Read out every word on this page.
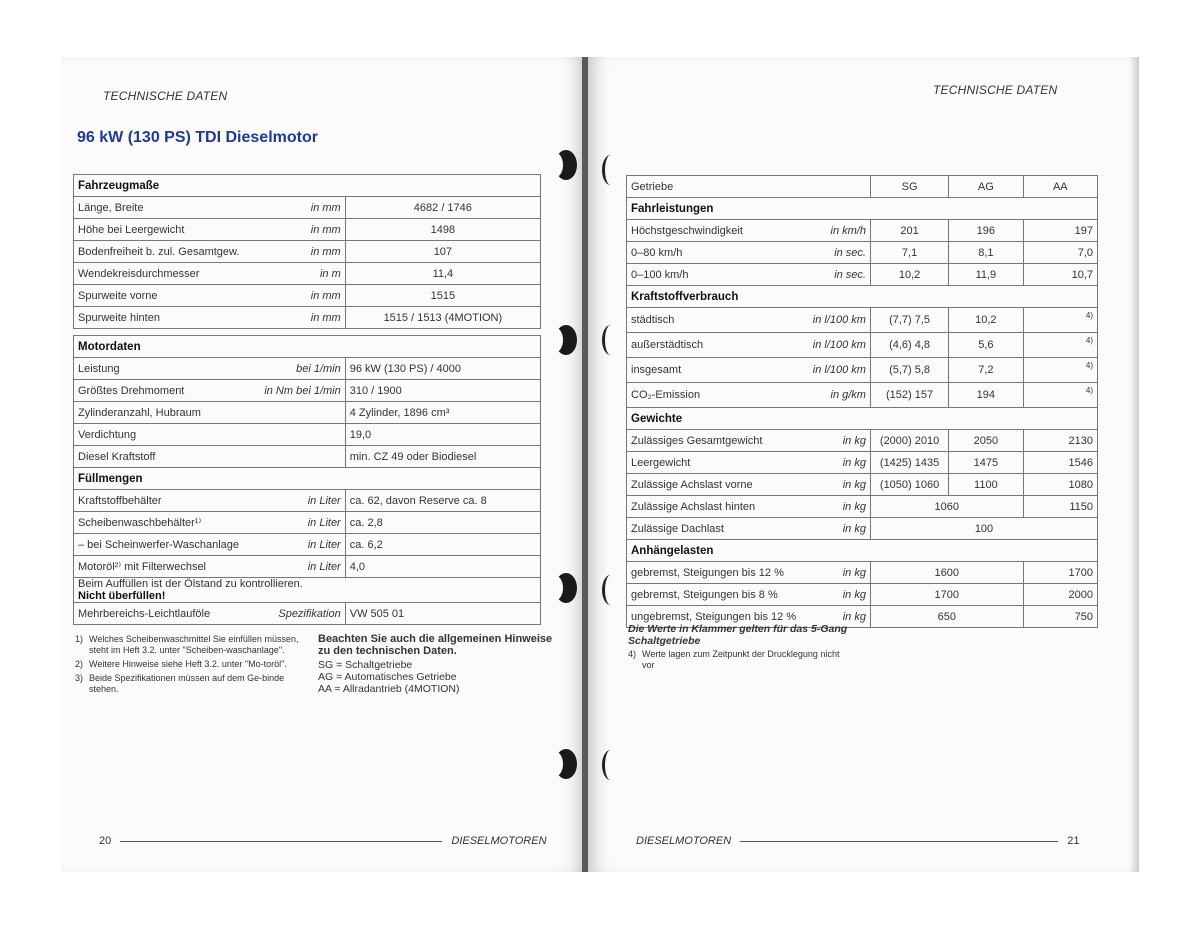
TECHNISCHE DATEN
96 kW (130 PS) TDI Dieselmotor
Fahrzeugmaße		
Länge, Breite	in mm	4682 / 1746
Höhe bei Leergewicht	in mm	1498
Bodenfreiheit b. zul. Gesamtgew.	in mm	107
Wendekreisdurchmesser	in m	11,4
Spurweite vorne	in mm	1515
Spurweite hinten	in mm	1515 / 1513 (4MOTION)

Motordaten		
Leistung	bei 1/min	96 kW (130 PS) / 4000
Größtes Drehmoment	in Nm bei 1/min	310 / 1900
Zylinderanzahl, Hubraum		4 Zylinder, 1896 cm³
Verdichtung		19,0
Diesel Kraftstoff		min. CZ 49 oder Biodiesel
Füllmengen		
Kraftstoffbehälter	in Liter	ca. 62, davon Reserve ca. 8
Scheibenwaschbehälter¹⁾	in Liter	ca. 2,8
– bei Scheinwerfer-Waschanlage	in Liter	ca. 6,2
Motoröl²⁾ mit Filterwechsel	in Liter	4,0

Beim Auffüllen ist der Ölstand zu kontrollieren.
Nicht überfüllen!		

Mehrbereichs-Leichtlauföle	Spezifikation	VW 505 01
1) Welches Scheibenwaschmittel Sie einfüllen müssen, steht im Heft 3.2. unter "Scheiben-waschanlage".
2) Weitere Hinweise siehe Heft 3.2. unter "Mo-toröl".
3) Beide Spezifikationen müssen auf dem Ge-binde stehen.
Beachten Sie auch die allgemeinen Hinweise zu den technischen Daten.
SG = Schaltgetriebe
AG = Automatisches Getriebe
AA = Allradantrieb (4MOTION)
20	DIESELMOTOREN
TECHNISCHE DATEN
Getriebe		SG	AG	AA
Fahrleistungen				
Höchstgeschwindigkeit	in km/h	201	196	197
0–80 km/h	in sec.	7,1	8,1	7,0
0–100 km/h	in sec.	10,2	11,9	10,7
Kraftstoffverbrauch				
städtisch	in l/100 km	(7,7) 7,5	10,2	4)
außerstädtisch	in l/100 km	(4,6) 4,8	5,6	4)
insgesamt	in l/100 km	(5,7) 5,8	7,2	4)
CO₂-Emission	in g/km	(152) 157	194	4)
Gewichte				
Zulässiges Gesamtgewicht	in kg	(2000) 2010	2050	2130
Leergewicht	in kg	(1425) 1435	1475	1546
Zulässige Achslast vorne	in kg	(1050) 1060	1100	1080
Zulässige Achslast hinten	in kg	1060		1150
Zulässige Dachlast	in kg	100		
Anhängelasten				
gebremst, Steigungen bis 12 %	in kg	1600		1700
gebremst, Steigungen bis 8 %	in kg	1700		2000
ungebremst, Steigungen bis 12 %	in kg	650		750
Die Werte in Klammer gelten für das 5-Gang Schaltgetriebe
4) Werte lagen zum Zeitpunkt der Drucklegung nicht vor
DIESELMOTOREN	21
